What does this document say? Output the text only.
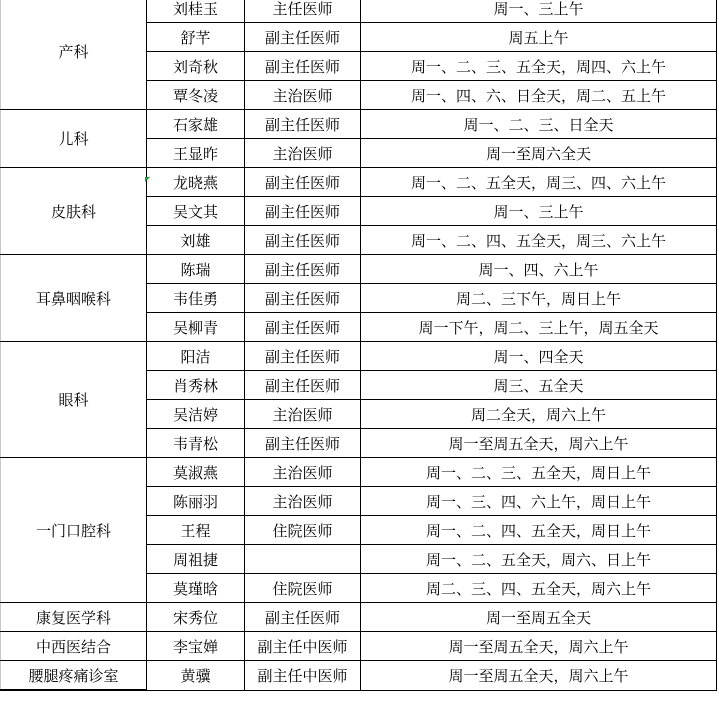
产科	刘桂玉	主任医师	周一、三上午
	舒芊	副主任医师	周五上午
	刘奇秋	副主任医师	周一、二、三、五全天，周四、六上午
	覃冬凌	主治医师	周一、四、六、日全天，周二、五上午
儿科	石家雄	副主任医师	周一、二、三、日全天
	王显昨	主治医师	周一至周六全天
皮肤科	龙晓燕	副主任医师	周一、二、五全天，周三、四、六上午
	吴文其	副主任医师	周一、三上午
	刘雄	副主任医师	周一、二、四、五全天，周三、六上午
耳鼻咽喉科	陈瑞	副主任医师	周一、四、六上午
	韦佳勇	副主任医师	周二、三下午，周日上午
	吴柳青	副主任医师	周一下午，周二、三上午，周五全天
眼科	阳洁	副主任医师	周一、四全天
	肖秀林	副主任医师	周三、五全天
	吴洁婷	主治医师	周二全天，周六上午
	韦青松	副主任医师	周一至周五全天，周六上午
一门口腔科	莫淑燕	主治医师	周一、二、三、五全天，周日上午
	陈丽羽	主治医师	周一、三、四、六上午，周日上午
	王程	住院医师	周一、二、四、五全天，周日上午
	周祖捷		周一、二、五全天，周六、日上午
	莫瑾晗	住院医师	周二、三、四、五全天，周六上午
康复医学科	宋秀位	副主任医师	周一至周五全天
中西医结合	李宝婵	副主任中医师	周一至周五全天，周六上午
腰腿疼痛诊室	黄骥	副主任中医师	周一至周五全天，周六上午
